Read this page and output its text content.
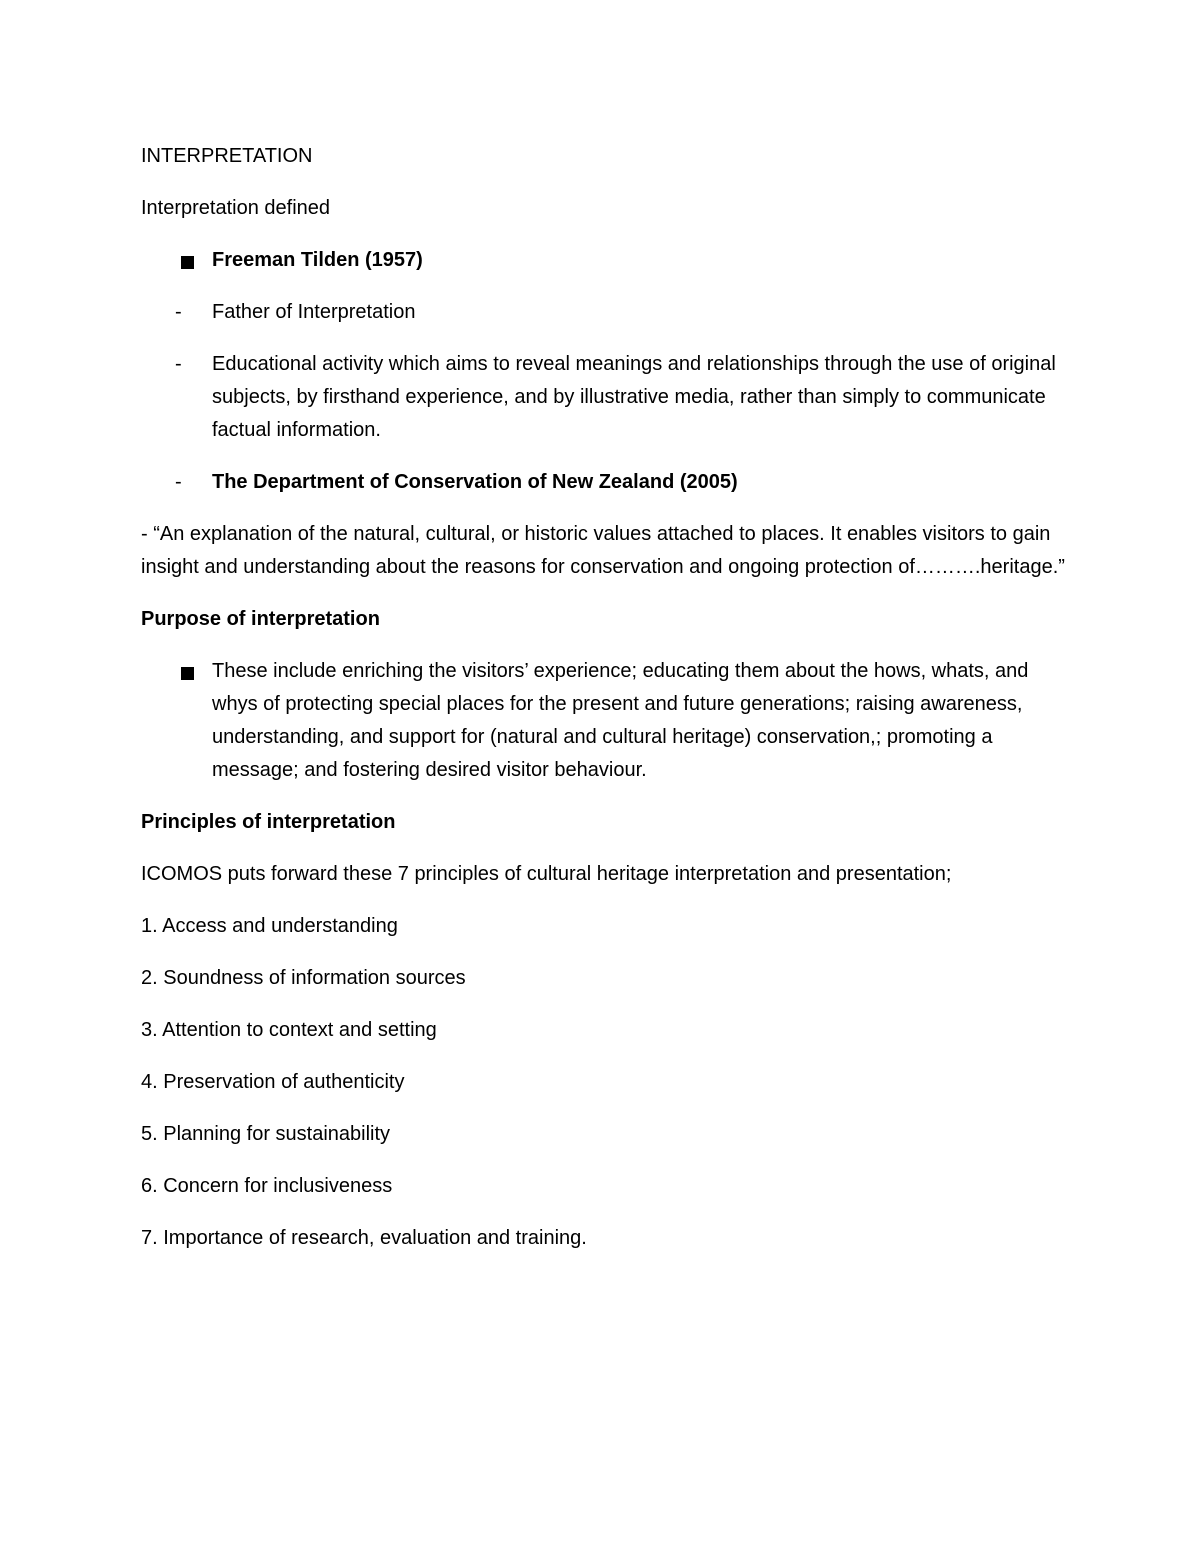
INTERPRETATION
Interpretation defined
Freeman Tilden (1957)
- Father of Interpretation
- Educational activity which aims to reveal meanings and relationships through the use of original subjects, by firsthand experience, and by illustrative media, rather than simply to communicate factual information.
- The Department of Conservation of New Zealand (2005)
- “An explanation of the natural, cultural, or historic values attached to places. It enables visitors to gain insight and understanding about the reasons for conservation and ongoing protection of……….heritage.”
Purpose of interpretation
These include enriching the visitors’ experience; educating them about the hows, whats, and whys of protecting special places for the present and future generations; raising awareness, understanding, and support for (natural and cultural heritage) conservation,; promoting a message; and fostering desired visitor behaviour.
Principles of interpretation
ICOMOS puts forward these 7 principles of cultural heritage interpretation and presentation;
1. Access and understanding
2. Soundness of information sources
3. Attention to context and setting
4. Preservation of authenticity
5. Planning for sustainability
6. Concern for inclusiveness
7. Importance of research, evaluation and training.
